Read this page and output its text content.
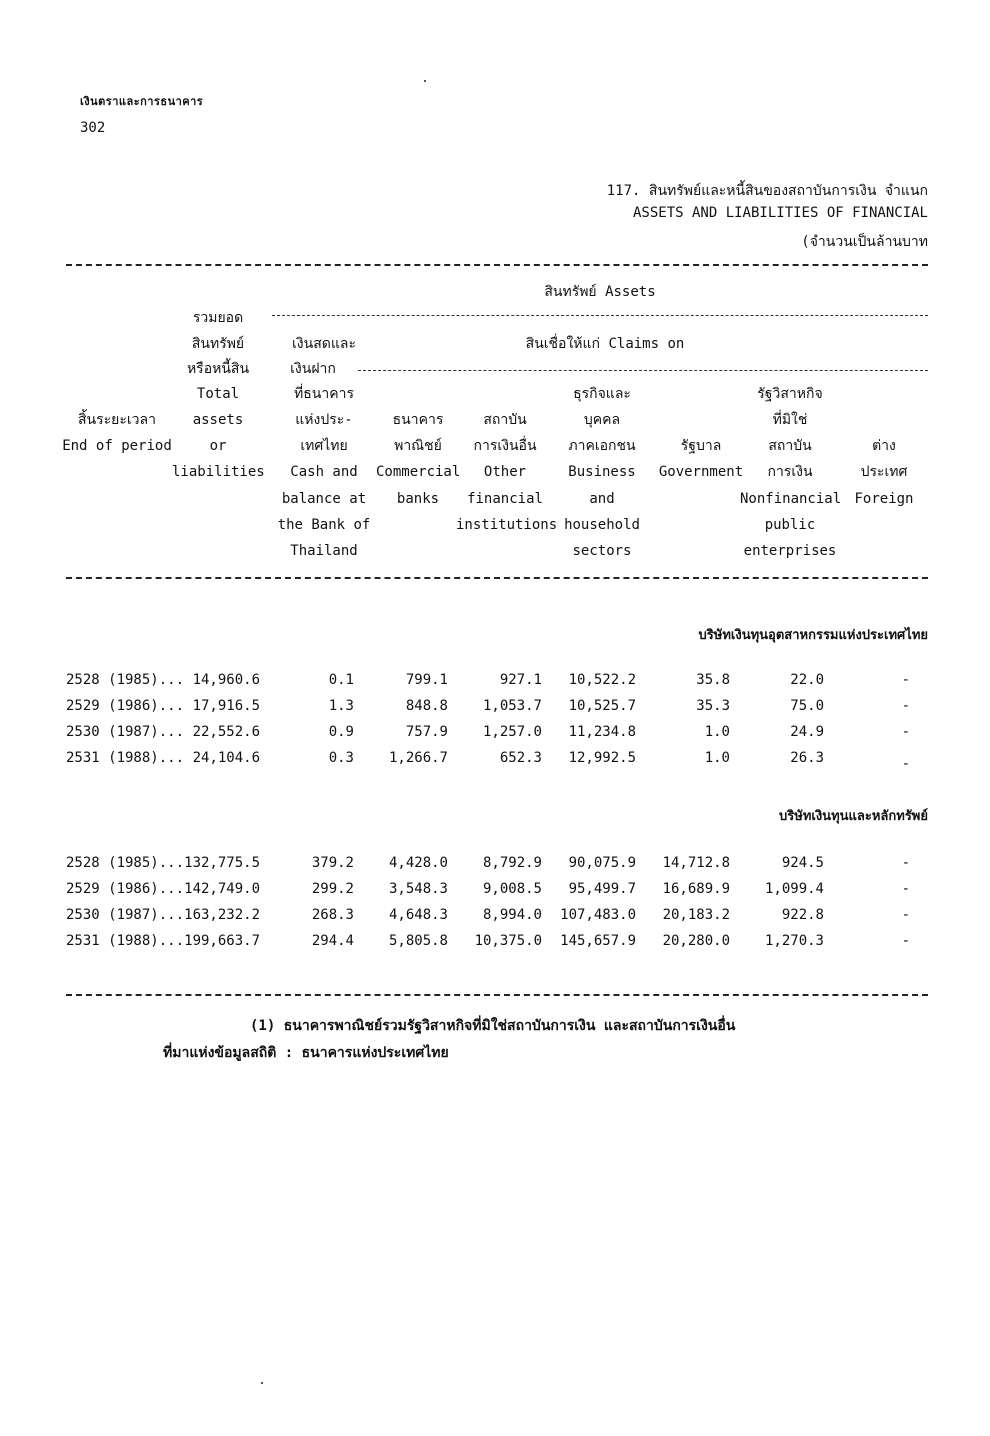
เงินตราและการธนาคาร
302
117. สินทรัพย์และหนี้สินของสถาบันการเงิน จำแนก
ASSETS AND LIABILITIES OF FINANCIAL
(จำนวนเป็นล้านบาท
สินทรัพย์ Assets
สินเชื่อให้แก่ Claims on
สิ้นระยะเวลา
End of period
รวมยอด
สินทรัพย์
หรือหนี้สิน
Total
assets
or
liabilities
เงินสดและ
เงินฝาก
ที่ธนาคาร
แห่งประ-
เทศไทย
Cash and
balance at
the Bank of
Thailand
ธนาคาร
พาณิชย์
Commercial
banks
สถาบัน
การเงินอื่น
Other
financial
institutions
ธุรกิจและ
บุคคล
ภาคเอกชน
Business
and
household
sectors
รัฐบาล
Government
รัฐวิสาหกิจ
ที่มิใช่
สถาบัน
การเงิน
Nonfinancial
public
enterprises
ต่าง
ประเทศ
Foreign
บริษัทเงินทุนอุตสาหกรรมแห่งประเทศไทย
2528 (1985)... 14,960.6	0.1	799.1	927.1 10,522.2	35.8	22.0	-
2529 (1986)... 17,916.5	1.3	848.8 1,053.7 10,525.7	35.3	75.0	-
2530 (1987)... 22,552.6	0.9	757.9 1,257.0 11,234.8	1.0	24.9	-
2531 (1988)... 24,104.6	0.3 1,266.7	652.3 12,992.5	1.0	26.3	-
บริษัทเงินทุนและหลักทรัพย์
2528 (1985)... 132,775.5	379.2 4,428.0 8,792.9 90,075.9 14,712.8	924.5	-
2529 (1986)... 142,749.0	299.2 3,548.3 9,008.5 95,499.7 16,689.9 1,099.4	-
2530 (1987)... 163,232.2	268.3 4,648.3 8,994.0 107,483.0 20,183.2	922.8	-
2531 (1988)... 199,663.7	294.4 5,805.8 10,375.0 145,657.9 20,280.0 1,270.3	-
(1) ธนาคารพาณิชย์รวมรัฐวิสาหกิจที่มิใช่สถาบันการเงิน และสถาบันการเงินอื่น
ที่มาแห่งข้อมูลสถิติ : ธนาคารแห่งประเทศไทย
